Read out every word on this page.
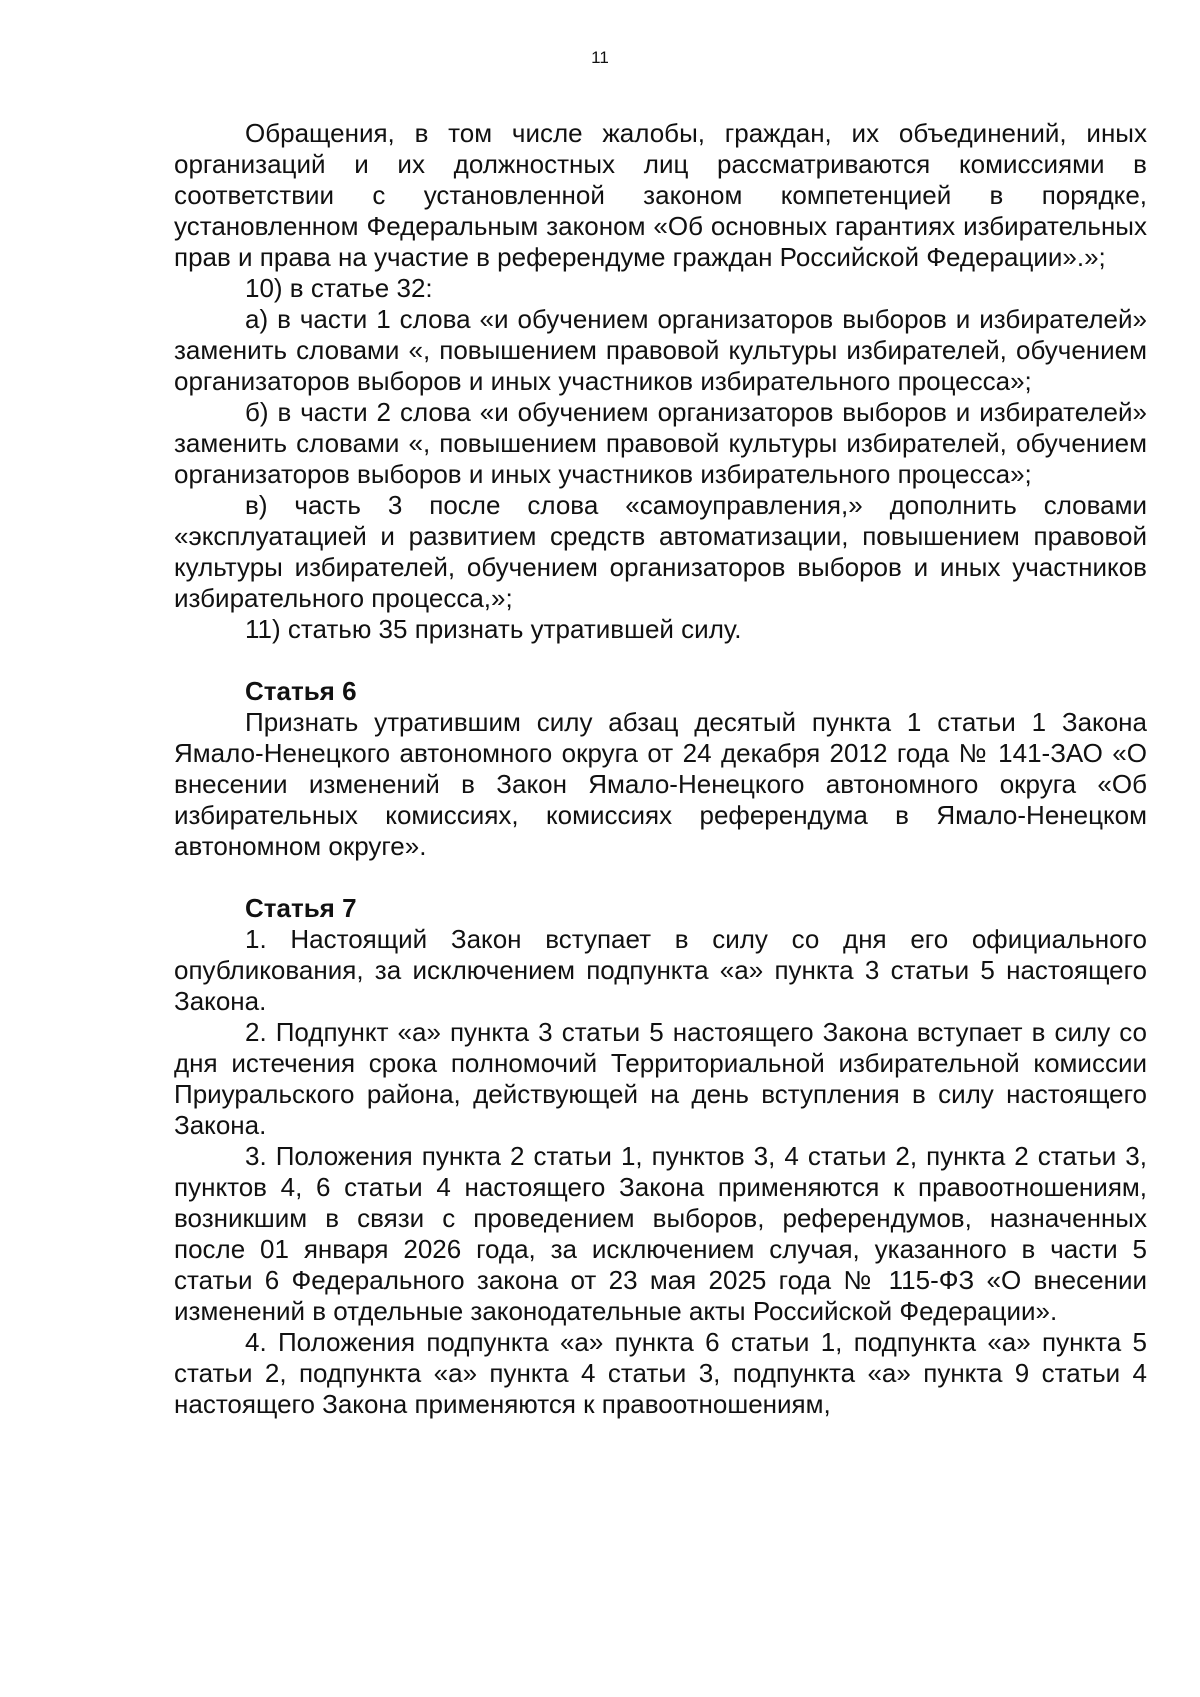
11

Обращения, в том числе жалобы, граждан, их объединений, иных организаций и их должностных лиц рассматриваются комиссиями в соответствии с установленной законом компетенцией в порядке, установленном Федеральным законом «Об основных гарантиях избирательных прав и права на участие в референдуме граждан Российской Федерации».»;

10) в статье 32:

а) в части 1 слова «и обучением организаторов выборов и избирателей» заменить словами «, повышением правовой культуры избирателей, обучением организаторов выборов и иных участников избирательного процесса»;

б) в части 2 слова «и обучением организаторов выборов и избирателей» заменить словами «, повышением правовой культуры избирателей, обучением организаторов выборов и иных участников избирательного процесса»;

в) часть 3 после слова «самоуправления,» дополнить словами «эксплуатацией и развитием средств автоматизации, повышением правовой культуры избирателей, обучением организаторов выборов и иных участников избирательного процесса,»;

11) статью 35 признать утратившей силу.

Статья 6

Признать утратившим силу абзац десятый пункта 1 статьи 1 Закона Ямало-Ненецкого автономного округа от 24 декабря 2012 года № 141-ЗАО «О внесении изменений в Закон Ямало-Ненецкого автономного округа «Об избирательных комиссиях, комиссиях референдума в Ямало-Ненецком автономном округе».

Статья 7

1. Настоящий Закон вступает в силу со дня его официального опубликования, за исключением подпункта «а» пункта 3 статьи 5 настоящего Закона.

2. Подпункт «а» пункта 3 статьи 5 настоящего Закона вступает в силу со дня истечения срока полномочий Территориальной избирательной комиссии Приуральского района, действующей на день вступления в силу настоящего Закона.

3. Положения пункта 2 статьи 1, пунктов 3, 4 статьи 2, пункта 2 статьи 3, пунктов 4, 6 статьи 4 настоящего Закона применяются к правоотношениям, возникшим в связи с проведением выборов, референдумов, назначенных после 01 января 2026 года, за исключением случая, указанного в части 5 статьи 6 Федерального закона от 23 мая 2025 года № 115-ФЗ «О внесении изменений в отдельные законодательные акты Российской Федерации».

4. Положения подпункта «а» пункта 6 статьи 1, подпункта «а» пункта 5 статьи 2, подпункта «а» пункта 4 статьи 3, подпункта «а» пункта 9 статьи 4 настоящего Закона применяются к правоотношениям,
